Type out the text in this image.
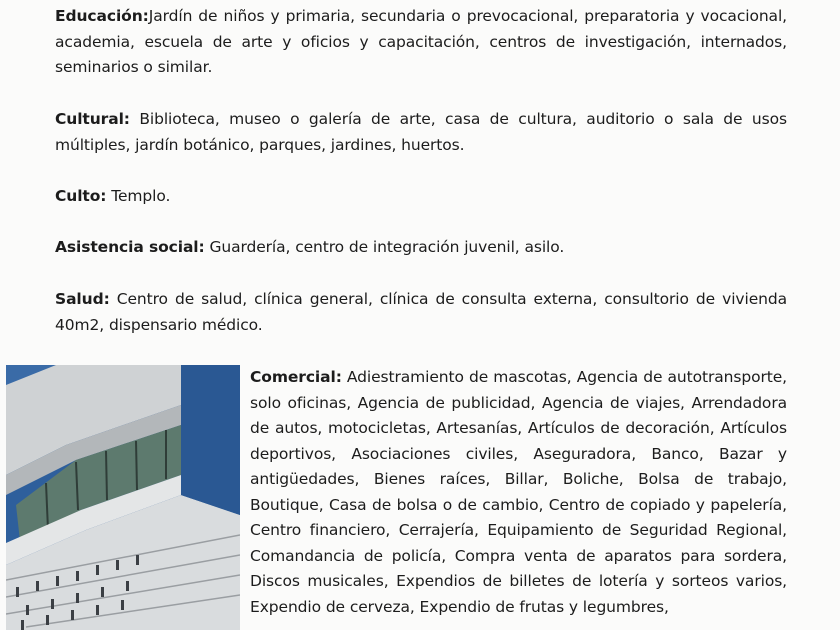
Educación:Jardín de niños y primaria, secundaria o prevocacional, preparatoria y vocacional, academia, escuela de arte y oficios y capacitación, centros de investigación, internados, seminarios o similar.

Cultural: Biblioteca, museo o galería de arte, casa de cultura, auditorio o sala de usos múltiples, jardín botánico, parques, jardines, huertos.

Culto: Templo.

Asistencia social: Guardería, centro de integración juvenil, asilo.

Salud: Centro de salud, clínica general, clínica de consulta externa, consultorio de vivienda 40m2, dispensario médico.

Comercial: Adiestramiento de mascotas, Agencia de autotransporte, solo oficinas, Agencia de publicidad, Agencia de viajes, Arrendadora de autos, motocicletas, Artesanías, Artículos de decoración, Artículos deportivos, Asociaciones civiles, Aseguradora, Banco, Bazar y antigüedades, Bienes raíces, Billar, Boliche, Bolsa de trabajo, Boutique, Casa de bolsa o de cambio, Centro de copiado y papelería, Centro financiero, Cerrajería, Equipamiento de Seguridad Regional, Comandancia de policía, Compra venta de aparatos para sordera, Discos musicales, Expendios de billetes de lotería y sorteos varios, Expendio de cerveza, Expendio de frutas y legumbres,
